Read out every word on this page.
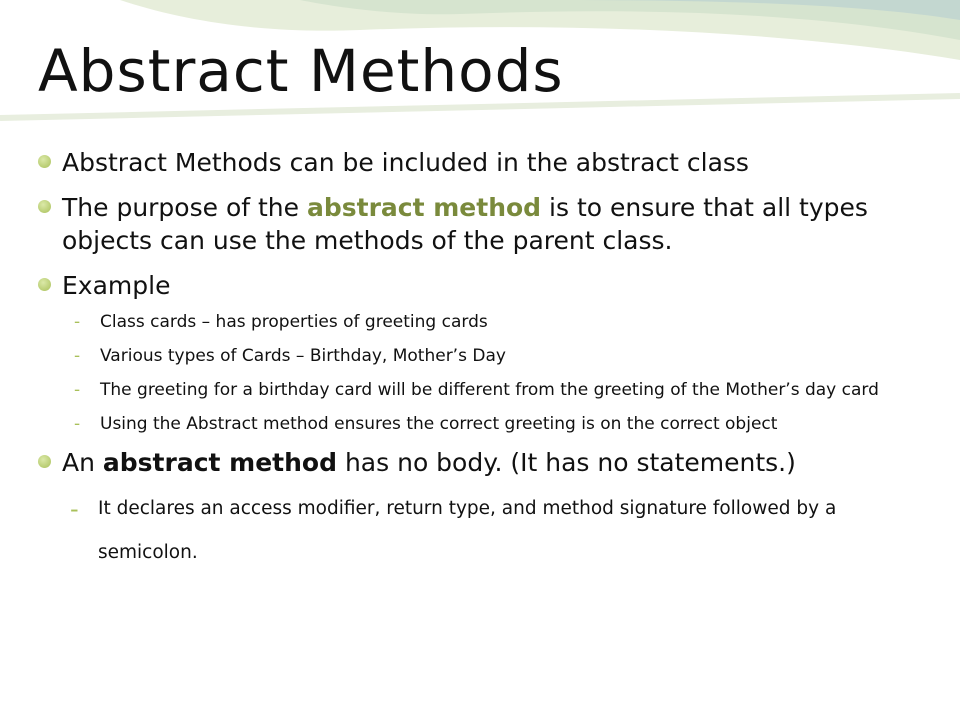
Abstract Methods
Abstract Methods can be included in the abstract class
The purpose of the abstract method is to ensure that all types objects can use the methods of the parent class.
Example
- Class cards – has properties of greeting cards
- Various types of Cards – Birthday, Mother’s Day
- The greeting for a birthday card will be different from the greeting of the Mother’s day card
- Using the Abstract method ensures the correct greeting is on the correct object
An abstract method has no body. (It has no statements.)
- It declares an access modifier, return type, and method signature followed by a semicolon.
